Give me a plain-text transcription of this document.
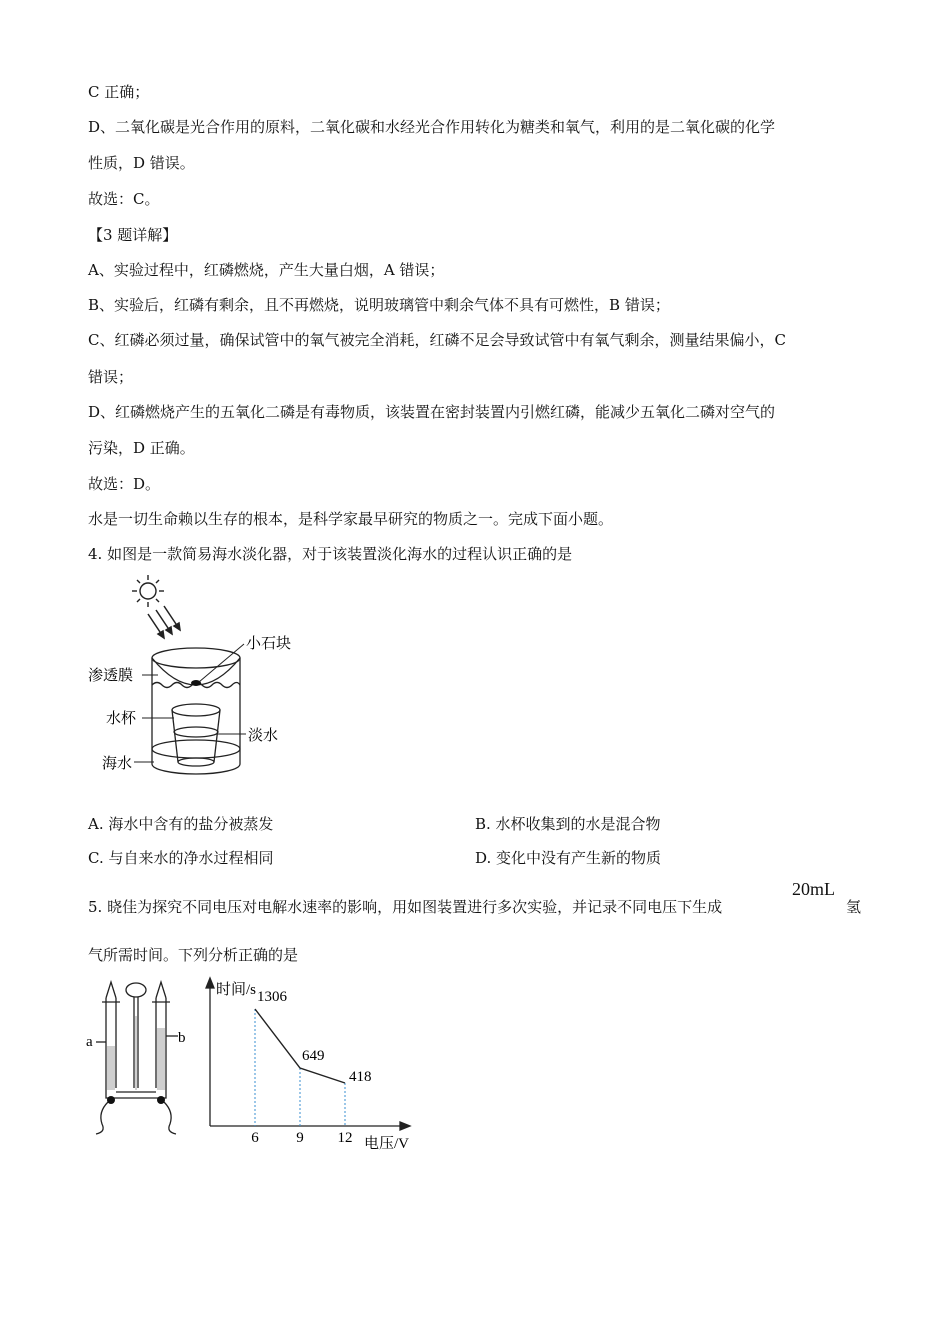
C 正确；
D、二氧化碳是光合作用的原料，二氧化碳和水经光合作用转化为糖类和氧气，利用的是二氧化碳的化学
性质，D 错误。
故选：C。
【3 题详解】
A、实验过程中，红磷燃烧，产生大量白烟，A 错误；
B、实验后，红磷有剩余，且不再燃烧，说明玻璃管中剩余气体不具有可燃性，B 错误；
C、红磷必须过量，确保试管中的氧气被完全消耗，红磷不足会导致试管中有氧气剩余，测量结果偏小，C
错误；
D、红磷燃烧产生的五氧化二磷是有毒物质，该装置在密封装置内引燃红磷，能减少五氧化二磷对空气的
污染，D 正确。
故选：D。
水是一切生命赖以生存的根本，是科学家最早研究的物质之一。完成下面小题。
4. 如图是一款简易海水淡化器，对于该装置淡化海水的过程认识正确的是
小石块
渗透膜
水杯
淡水
海水
A. 海水中含有的盐分被蒸发	B. 水杯收集到的水是混合物
C. 与自来水的净水过程相同	D. 变化中没有产生新的物质
5. 晓佳为探究不同电压对电解水速率的影响，用如图装置进行多次实验，并记录不同电压下生成
20mL
氢
气所需时间。下列分析正确的是
a	b
时间/s
电压/V
1306
649
418
6	9 12
